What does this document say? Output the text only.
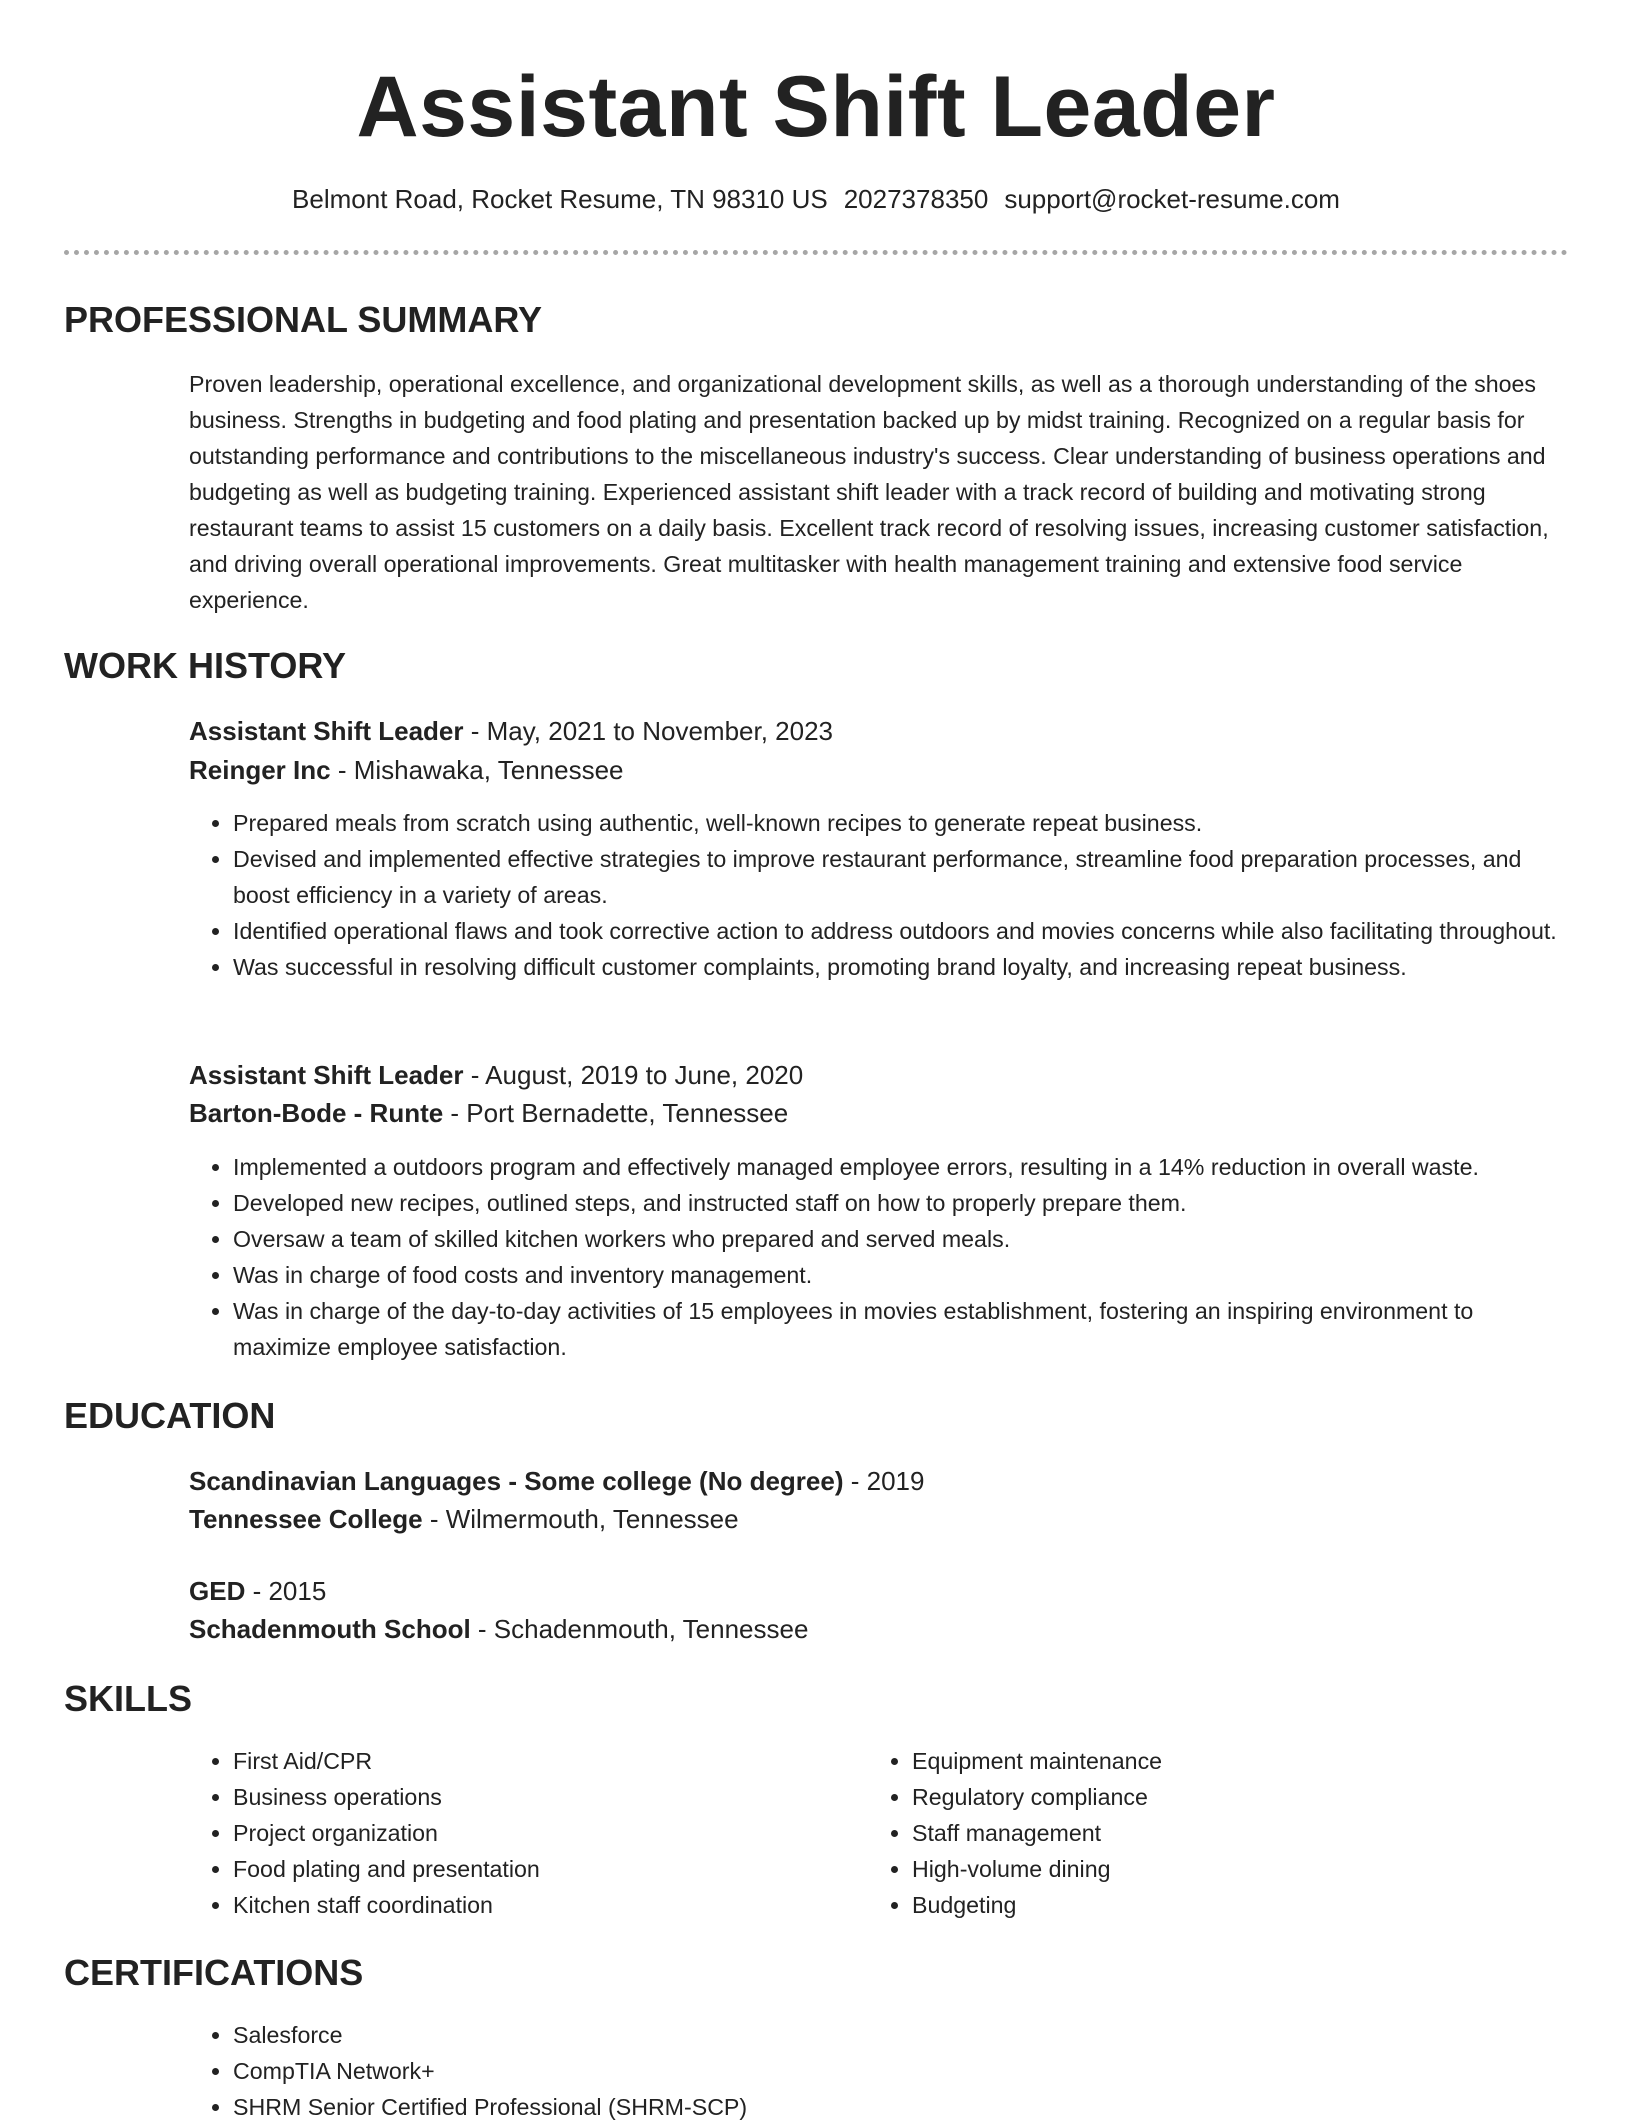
Assistant Shift Leader
Belmont Road, Rocket Resume, TN 98310 US 2027378350 support@rocket-resume.com
PROFESSIONAL SUMMARY

Proven leadership, operational excellence, and organizational development skills, as well as a thorough understanding of the shoes business. Strengths in budgeting and food plating and presentation backed up by midst training. Recognized on a regular basis for outstanding performance and contributions to the miscellaneous industry's success. Clear understanding of business operations and budgeting as well as budgeting training. Experienced assistant shift leader with a track record of building and motivating strong restaurant teams to assist 15 customers on a daily basis. Excellent track record of resolving issues, increasing customer satisfaction, and driving overall operational improvements. Great multitasker with health management training and extensive food service experience.

WORK HISTORY
Assistant Shift Leader - May, 2021 to November, 2023
Reinger Inc - Mishawaka, Tennessee
• Prepared meals from scratch using authentic, well-known recipes to generate repeat business.
• Devised and implemented effective strategies to improve restaurant performance, streamline food preparation processes, and boost efficiency in a variety of areas.
• Identified operational flaws and took corrective action to address outdoors and movies concerns while also facilitating throughout.
• Was successful in resolving difficult customer complaints, promoting brand loyalty, and increasing repeat business.
Assistant Shift Leader - August, 2019 to June, 2020
Barton-Bode - Runte - Port Bernadette, Tennessee
• Implemented a outdoors program and effectively managed employee errors, resulting in a 14% reduction in overall waste.
• Developed new recipes, outlined steps, and instructed staff on how to properly prepare them.
• Oversaw a team of skilled kitchen workers who prepared and served meals.
• Was in charge of food costs and inventory management.
• Was in charge of the day-to-day activities of 15 employees in movies establishment, fostering an inspiring environment to maximize employee satisfaction.
EDUCATION
Scandinavian Languages - Some college (No degree) - 2019
Tennessee College - Wilmermouth, Tennessee
GED - 2015
Schadenmouth School - Schadenmouth, Tennessee
SKILLS
• First Aid/CPR
• Business operations
• Project organization
• Food plating and presentation
• Kitchen staff coordination
• Equipment maintenance
• Regulatory compliance
• Staff management
• High-volume dining
• Budgeting
CERTIFICATIONS
• Salesforce
• CompTIA Network+
• SHRM Senior Certified Professional (SHRM-SCP)
